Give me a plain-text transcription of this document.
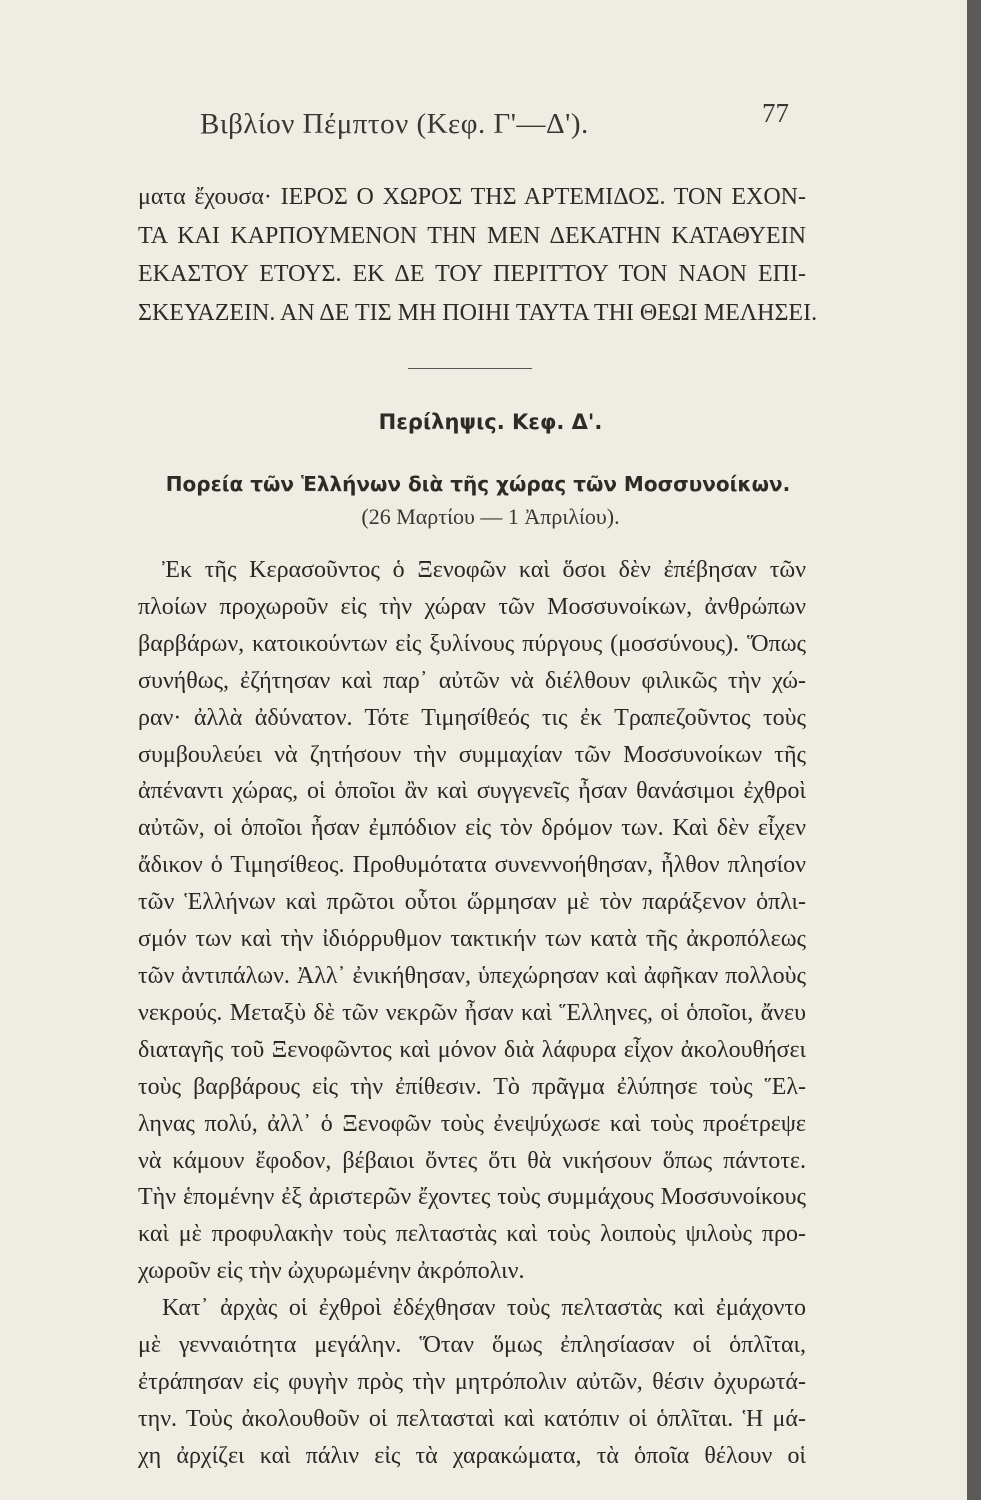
Βιβλίον Πέμπτον (Κεφ. Γ'—Δ').	77
ματα ἔχουσα· ΙΕΡΟΣ Ο ΧΩΡΟΣ ΤΗΣ ΑΡΤΕΜΙΔΟΣ. ΤΟΝ ΕΧΟΝ-
ΤΑ ΚΑΙ ΚΑΡΠΟΥΜΕΝΟΝ ΤΗΝ ΜΕΝ ΔΕΚΑΤΗΝ ΚΑΤΑΘΥΕΙΝ
ΕΚΑΣΤΟΥ ΕΤΟΥΣ. ΕΚ ΔΕ ΤΟΥ ΠΕΡΙΤΤΟΥ ΤΟΝ ΝΑΟΝ ΕΠΙ-
ΣΚΕΥΑΖΕΙΝ. ΑΝ ΔΕ ΤΙΣ ΜΗ ΠΟΙΗΙ ΤΑΥΤΑ ΤΗΙ ΘΕΩΙ ΜΕΛΗΣΕΙ.
Περίληψις. Κεφ. Δ'.
Πορεία τῶν Ἑλλήνων διὰ τῆς χώρας τῶν Μοσσυνοίκων.
(26 Μαρτίου — 1 Ἀπριλίου).
Ἐκ τῆς Κερασοῦντος ὁ Ξενοφῶν καὶ ὅσοι δὲν ἐπέβησαν τῶν
πλοίων προχωροῦν εἰς τὴν χώραν τῶν Μοσσυνοίκων, ἀνθρώπων
βαρβάρων, κατοικούντων εἰς ξυλίνους πύργους (μοσσύνους). Ὅπως
συνήθως, ἐζήτησαν καὶ παρ᾽ αὐτῶν νὰ διέλθουν φιλικῶς τὴν χώ-
ραν· ἀλλὰ ἀδύνατον. Τότε Τιμησίθεός τις ἐκ Τραπεζοῦντος τοὺς
συμβουλεύει νὰ ζητήσουν τὴν συμμαχίαν τῶν Μοσσυνοίκων τῆς
ἀπέναντι χώρας, οἱ ὁποῖοι ἂν καὶ συγγενεῖς ἦσαν θανάσιμοι ἐχθροὶ
αὐτῶν, οἱ ὁποῖοι ἦσαν ἐμπόδιον εἰς τὸν δρόμον των. Καὶ δὲν εἶχεν
ἄδικον ὁ Τιμησίθεος. Προθυμότατα συνεννοήθησαν, ἦλθον πλησίον
τῶν Ἑλλήνων καὶ πρῶτοι οὗτοι ὥρμησαν μὲ τὸν παράξενον ὁπλι-
σμόν των καὶ τὴν ἰδιόρρυθμον τακτικήν των κατὰ τῆς ἀκροπόλεως
τῶν ἀντιπάλων. Ἀλλ᾽ ἐνικήθησαν, ὑπεχώρησαν καὶ ἀφῆκαν πολλοὺς
νεκρούς. Μεταξὺ δὲ τῶν νεκρῶν ἦσαν καὶ Ἕλληνες, οἱ ὁποῖοι, ἄνευ
διαταγῆς τοῦ Ξενοφῶντος καὶ μόνον διὰ λάφυρα εἶχον ἀκολουθήσει
τοὺς βαρβάρους εἰς τὴν ἐπίθεσιν. Τὸ πρᾶγμα ἐλύπησε τοὺς Ἕλ-
ληνας πολύ, ἀλλ᾽ ὁ Ξενοφῶν τοὺς ἐνεψύχωσε καὶ τοὺς προέτρεψε
νὰ κάμουν ἔφοδον, βέβαιοι ὄντες ὅτι θὰ νικήσουν ὅπως πάντοτε.
Τὴν ἑπομένην ἐξ ἀριστερῶν ἔχοντες τοὺς συμμάχους Μοσσυνοίκους
καὶ μὲ προφυλακὴν τοὺς πελταστὰς καὶ τοὺς λοιποὺς ψιλοὺς προ-
χωροῦν εἰς τὴν ὠχυρωμένην ἀκρόπολιν.
Κατ᾽ ἀρχὰς οἱ ἐχθροὶ ἐδέχθησαν τοὺς πελταστὰς καὶ ἐμάχοντο
μὲ γενναιότητα μεγάλην. Ὅταν ὅμως ἐπλησίασαν οἱ ὁπλῖται,
ἐτράπησαν εἰς φυγὴν πρὸς τὴν μητρόπολιν αὐτῶν, θέσιν ὀχυρωτά-
την. Τοὺς ἀκολουθοῦν οἱ πελτασταὶ καὶ κατόπιν οἱ ὁπλῖται. Ἡ μά-
χη ἀρχίζει καὶ πάλιν εἰς τὰ χαρακώματα, τὰ ὁποῖα θέλουν οἱ
